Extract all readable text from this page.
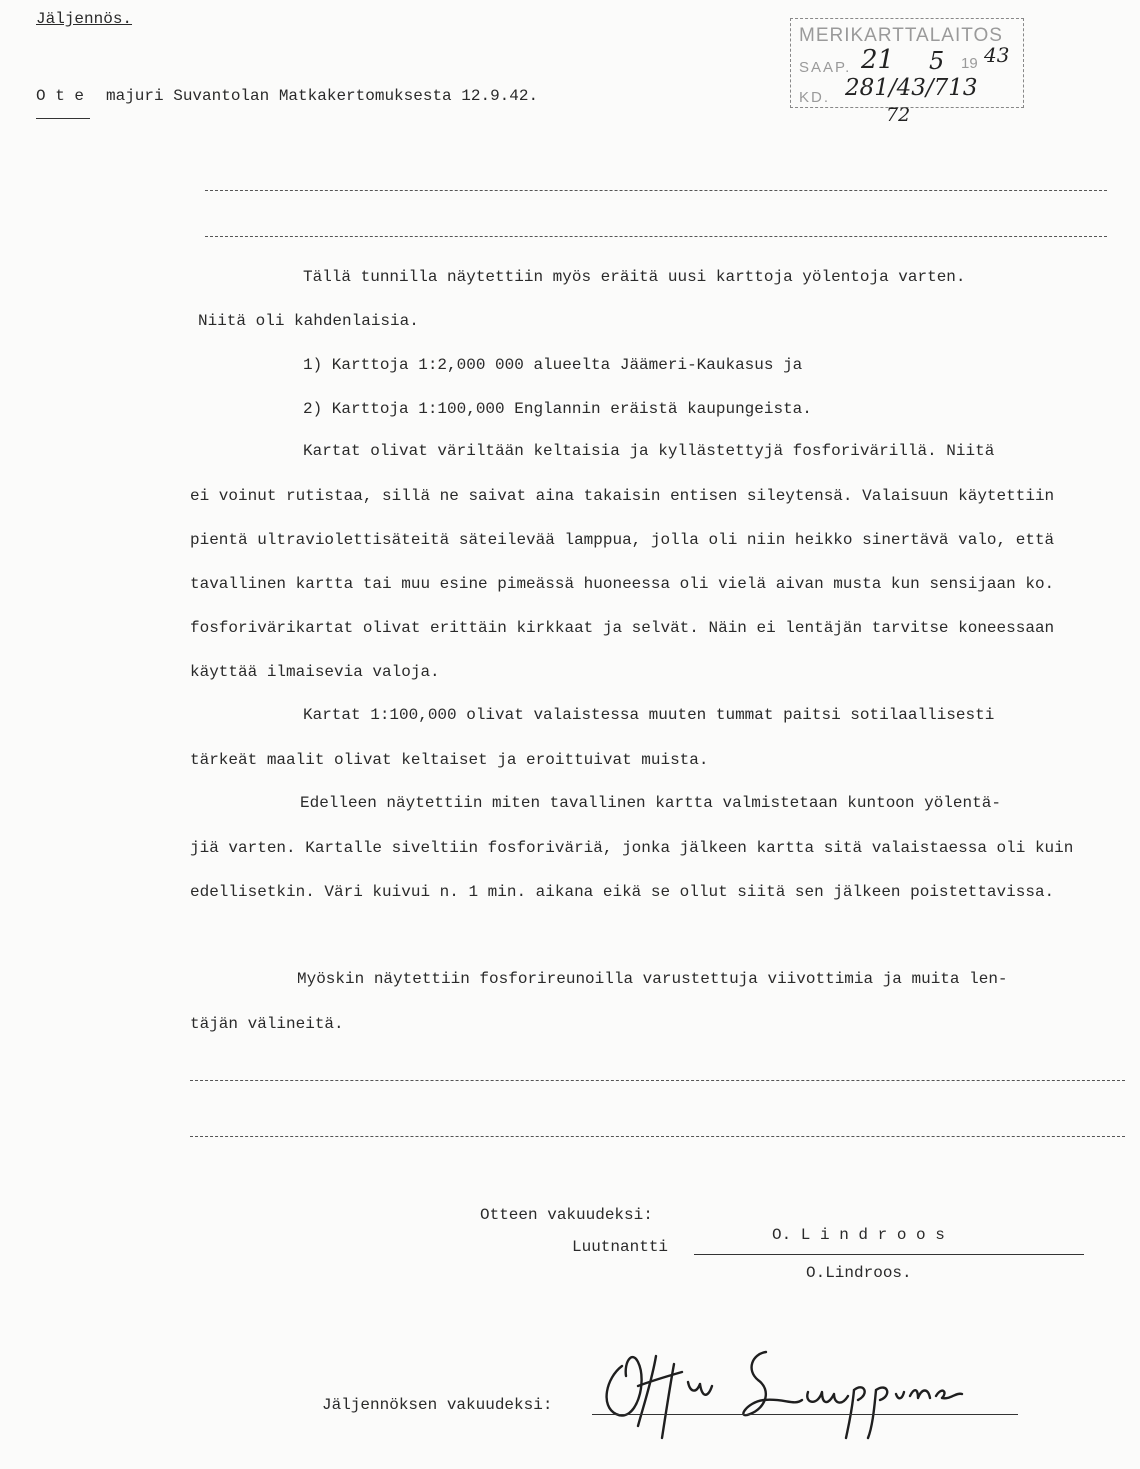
Jäljennös.
O t e majuri Suvantolan Matkakertomuksesta 12.9.42.
MERIKARTTALAITOS
SAAP. 21 5 19 43
KD. 281/43/713
72
Tällä tunnilla näytettiin myös eräitä uusi karttoja yölentoja varten.
Niitä oli kahdenlaisia.
1) Karttoja 1:2,000 000 alueelta Jäämeri-Kaukasus ja
2) Karttoja 1:100,000 Englannin eräistä kaupungeista.
Kartat olivat väriltään keltaisia ja kyllästettyjä fosforivärillä. Niitä

ei voinut rutistaa, sillä ne saivat aina takaisin entisen sileytensä. Valaisuun käytettiin pientä ultraviolettisäteitä säteilevää lamppua, jolla oli niin heikko sinertävä valo, että tavallinen kartta tai muu esine pimeässä huoneessa oli vielä aivan musta kun sensijaan ko. fosforivärikartat olivat erittäin kirkkaat ja selvät. Näin ei lentäjän tarvitse koneessaan käyttää ilmaisevia valoja.

Kartat 1:100,000 olivat valaistessa muuten tummat paitsi sotilaallisesti

tärkeät maalit olivat keltaiset ja eroittuivat muista.

Edelleen näytettiin miten tavallinen kartta valmistetaan kuntoon yölentä-

jiä varten. Kartalle siveltiin fosforiväriä, jonka jälkeen kartta sitä valaistaessa oli kuin edellisetkin. Väri kuivui n. 1 min. aikana eikä se ollut siitä sen jälkeen poistettavissa.

Myöskin näytettiin fosforireunoilla varustettuja viivottimia ja muita len-

täjän välineitä.

Otteen vakuudeksi:
Luutnantti
O. L i n d r o o s
O.Lindroos.
Jäljennöksen vakuudeksi:
